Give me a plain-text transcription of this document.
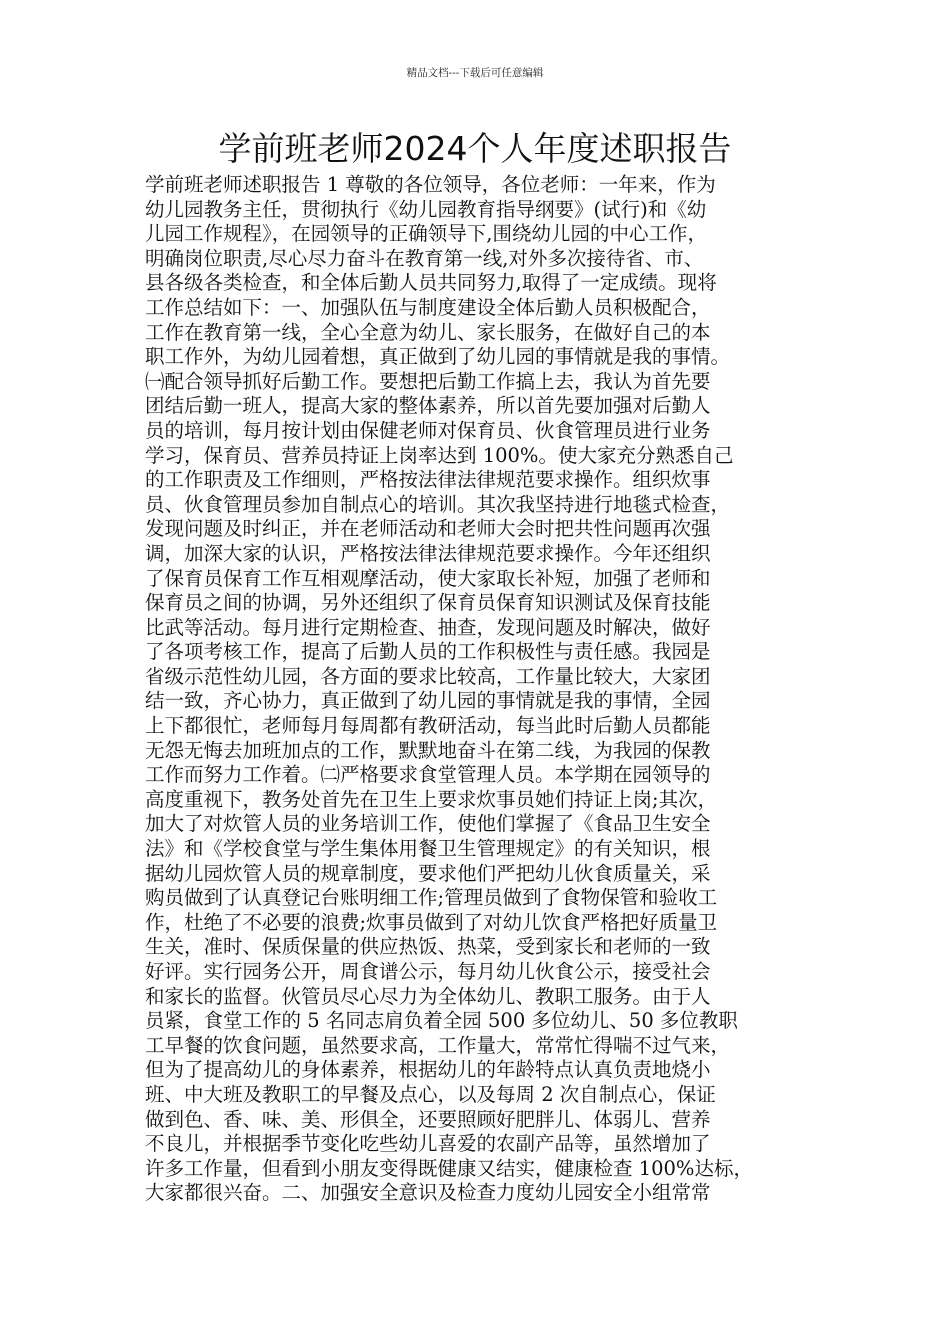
精品文档---下载后可任意编辑
学前班老师2024个人年度述职报告
学前班老师述职报告 1 尊敬的各位领导，各位老师：一年来，作为
幼儿园教务主任，贯彻执行《幼儿园教育指导纲要》(试行)和《幼
儿园工作规程》，在园领导的正确领导下,围绕幼儿园的中心工作，
明确岗位职责,尽心尽力奋斗在教育第一线,对外多次接待省、市、
县各级各类检查，和全体后勤人员共同努力,取得了一定成绩。现将
工作总结如下：一、加强队伍与制度建设全体后勤人员积极配合，
工作在教育第一线，全心全意为幼儿、家长服务，在做好自己的本
职工作外，为幼儿园着想，真正做到了幼儿园的事情就是我的事情。
㈠配合领导抓好后勤工作。要想把后勤工作搞上去，我认为首先要
团结后勤一班人，提高大家的整体素养，所以首先要加强对后勤人
员的培训，每月按计划由保健老师对保育员、伙食管理员进行业务
学习，保育员、营养员持证上岗率达到 100%。使大家充分熟悉自己
的工作职责及工作细则，严格按法律法律规范要求操作。组织炊事
员、伙食管理员参加自制点心的培训。其次我坚持进行地毯式检查，
发现问题及时纠正，并在老师活动和老师大会时把共性问题再次强
调，加深大家的认识，严格按法律法律规范要求操作。今年还组织
了保育员保育工作互相观摩活动，使大家取长补短，加强了老师和
保育员之间的协调，另外还组织了保育员保育知识测试及保育技能
比武等活动。每月进行定期检查、抽查，发现问题及时解决，做好
了各项考核工作，提高了后勤人员的工作积极性与责任感。我园是
省级示范性幼儿园，各方面的要求比较高，工作量比较大，大家团
结一致，齐心协力，真正做到了幼儿园的事情就是我的事情，全园
上下都很忙，老师每月每周都有教研活动，每当此时后勤人员都能
无怨无悔去加班加点的工作，默默地奋斗在第二线，为我园的保教
工作而努力工作着。㈡严格要求食堂管理人员。本学期在园领导的
高度重视下，教务处首先在卫生上要求炊事员她们持证上岗;其次，
加大了对炊管人员的业务培训工作，使他们掌握了《食品卫生安全
法》和《学校食堂与学生集体用餐卫生管理规定》的有关知识，根
据幼儿园炊管人员的规章制度，要求他们严把幼儿伙食质量关，采
购员做到了认真登记台账明细工作;管理员做到了食物保管和验收工
作，杜绝了不必要的浪费;炊事员做到了对幼儿饮食严格把好质量卫
生关，准时、保质保量的供应热饭、热菜，受到家长和老师的一致
好评。实行园务公开，周食谱公示，每月幼儿伙食公示，接受社会
和家长的监督。伙管员尽心尽力为全体幼儿、教职工服务。由于人
员紧，食堂工作的 5 名同志肩负着全园 500 多位幼儿、50 多位教职
工早餐的饮食问题，虽然要求高，工作量大，常常忙得喘不过气来，
但为了提高幼儿的身体素养，根据幼儿的年龄特点认真负责地烧小
班、中大班及教职工的早餐及点心，以及每周 2 次自制点心，保证
做到色、香、味、美、形俱全，还要照顾好肥胖儿、体弱儿、营养
不良儿，并根据季节变化吃些幼儿喜爱的农副产品等，虽然增加了
许多工作量，但看到小朋友变得既健康又结实，健康检查 100%达标，
大家都很兴奋。二、加强安全意识及检查力度幼儿园安全小组常常
